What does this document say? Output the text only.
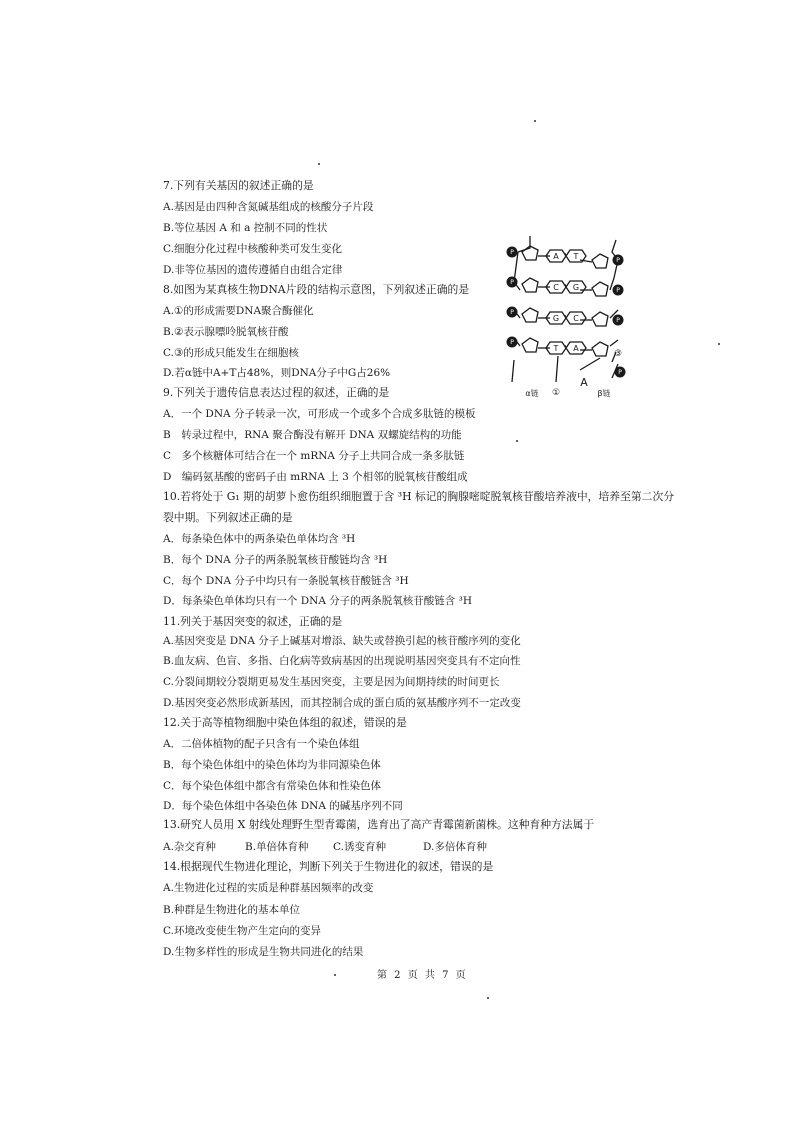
7.下列有关基因的叙述正确的是
A.基因是由四种含氮碱基组成的核酸分子片段
B.等位基因 A 和 a 控制不同的性状
C.细胞分化过程中核酸种类可发生变化
D.非等位基因的遗传遵循自由组合定律
8.如图为某真核生物DNA片段的结构示意图，下列叙述正确的是
A.①的形成需要DNA聚合酶催化
B.②表示腺嘌呤脱氧核苷酸
C.③的形成只能发生在细胞核
D.若α链中A+T占48%，则DNA分子中G占26%
P
P
P
P
P
P
P
P
A T
C G
G C
T A
①
③
A
α链	β链
9.下列关于遗传信息表达过程的叙述，正确的是
A．一个 DNA 分子转录一次，可形成一个或多个合成多肽链的模板
B　转录过程中，RNA 聚合酶没有解开 DNA 双螺旋结构的功能
C　多个核糖体可结合在一个 mRNA 分子上共同合成一条多肽链
D　编码氨基酸的密码子由 mRNA 上 3 个相邻的脱氧核苷酸组成
10.若将处于 G₁ 期的胡萝卜愈伤组织细胞置于含 ³H 标记的胸腺嘧啶脱氧核苷酸培养液中，培养至第二次分
裂中期。下列叙述正确的是
A．每条染色体中的两条染色单体均含 ³H
B．每个 DNA 分子的两条脱氧核苷酸链均含 ³H
C．每个 DNA 分子中均只有一条脱氧核苷酸链含 ³H
D．每条染色单体均只有一个 DNA 分子的两条脱氧核苷酸链含 ³H
11.列关于基因突变的叙述，正确的是
A.基因突变是 DNA 分子上碱基对增添、缺失或替换引起的核苷酸序列的变化
B.血友病、色盲、多指、白化病等致病基因的出现说明基因突变具有不定向性
C.分裂间期较分裂期更易发生基因突变，主要是因为间期持续的时间更长
D.基因突变必然形成新基因，而其控制合成的蛋白质的氨基酸序列不一定改变
12.关于高等植物细胞中染色体组的叙述，错误的是
A．二倍体植物的配子只含有一个染色体组
B．每个染色体组中的染色体均为非同源染色体
C．每个染色体组中都含有常染色体和性染色体
D．每个染色体组中各染色体 DNA 的碱基序列不同
13.研究人员用 X 射线处理野生型青霉菌，选育出了高产青霉菌新菌株。这种育种方法属于
A.杂交育种	B.单倍体育种 C.诱变育种	D.多倍体育种
14.根据现代生物进化理论，判断下列关于生物进化的叙述，错误的是
A.生物进化过程的实质是种群基因频率的改变
B.种群是生物进化的基本单位
C.环境改变使生物产生定向的变异
D.生物多样性的形成是生物共同进化的结果
第 2 页 共 7 页
